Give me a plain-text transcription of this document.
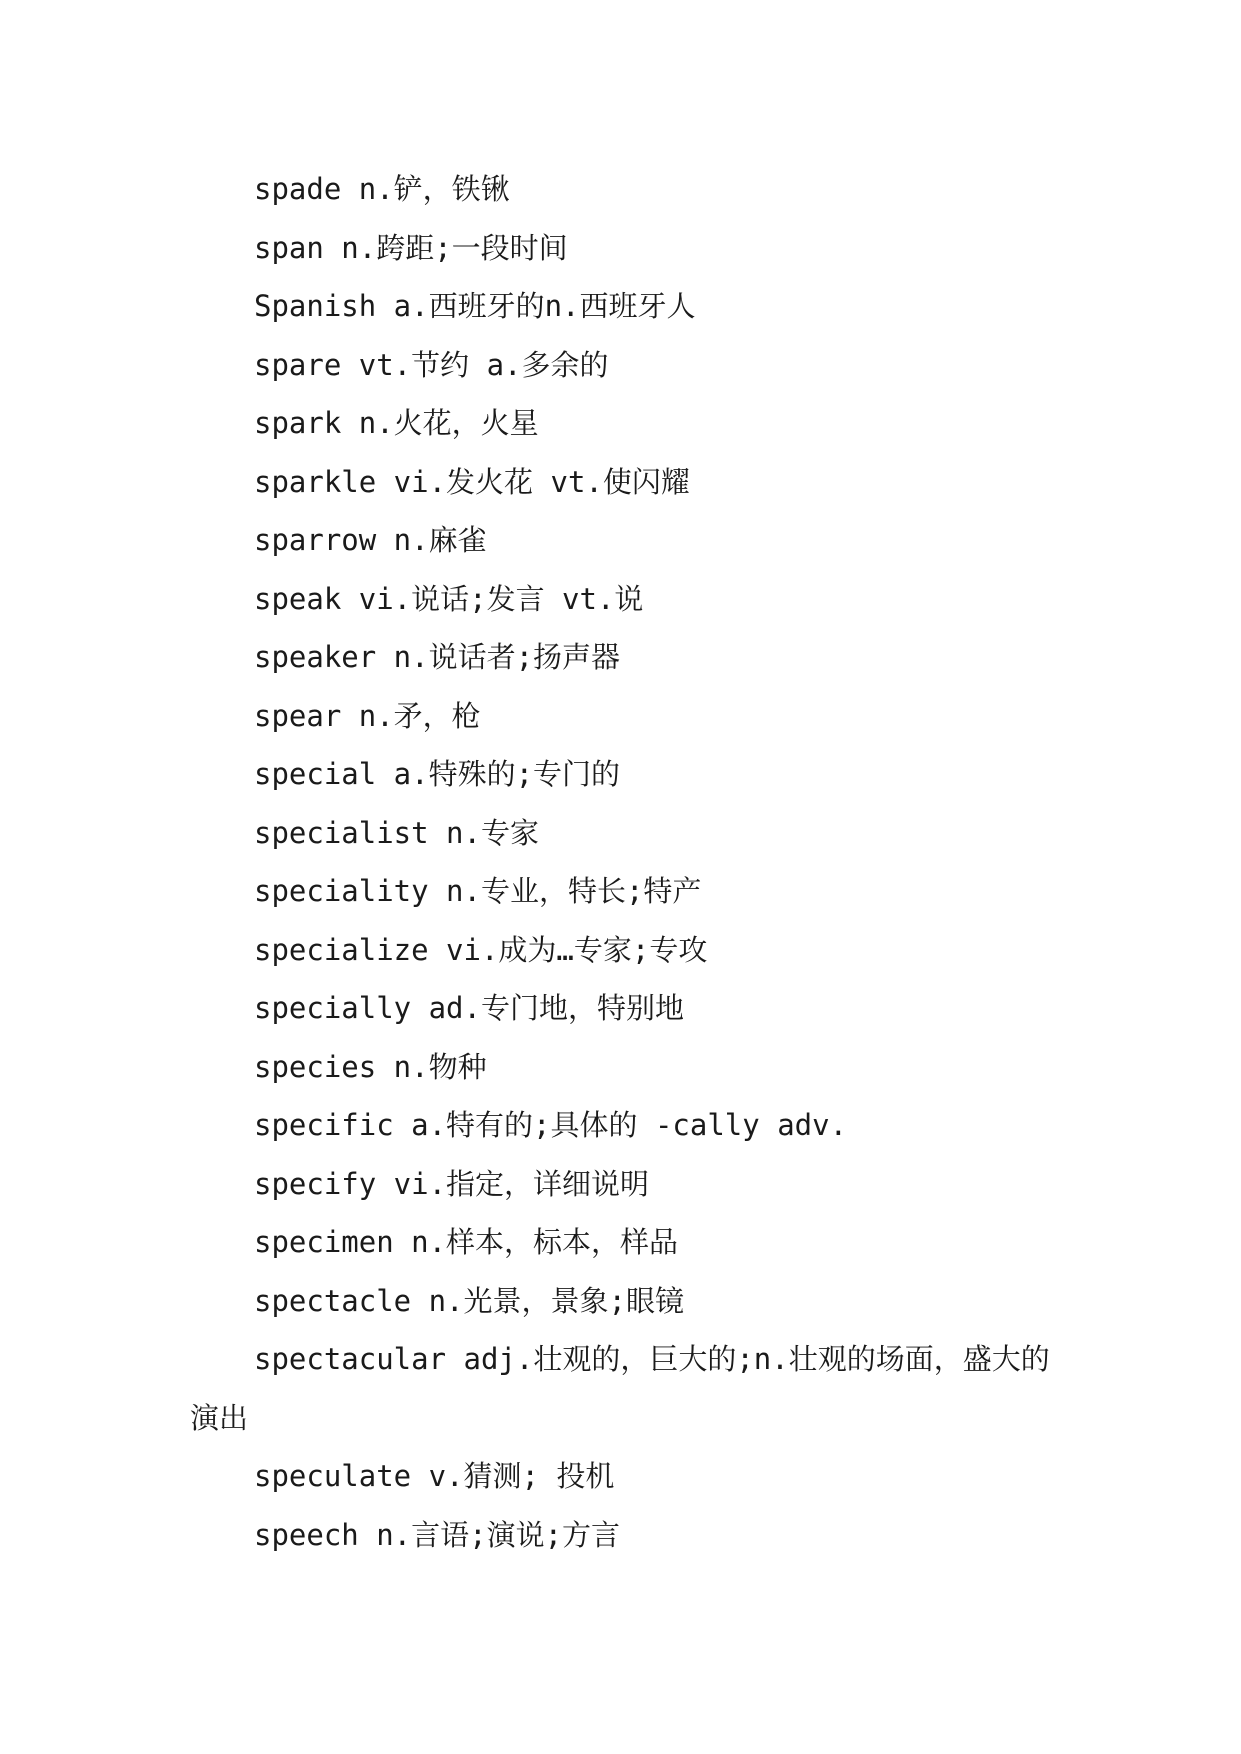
spade n.铲，铁锹
span n.跨距;一段时间
Spanish a.西班牙的n.西班牙人
spare vt.节约 a.多余的
spark n.火花，火星
sparkle vi.发火花 vt.使闪耀
sparrow n.麻雀
speak vi.说话;发言 vt.说
speaker n.说话者;扬声器
spear n.矛，枪
special a.特殊的;专门的
specialist n.专家
speciality n.专业，特长;特产
specialize vi.成为…专家;专攻
specially ad.专门地，特别地
species n.物种
specific a.特有的;具体的 -cally adv.
specify vi.指定，详细说明
specimen n.样本，标本，样品
spectacle n.光景，景象;眼镜
spectacular adj.壮观的，巨大的;n.壮观的场面，盛大的演出
speculate v.猜测; 投机
speech n.言语;演说;方言
